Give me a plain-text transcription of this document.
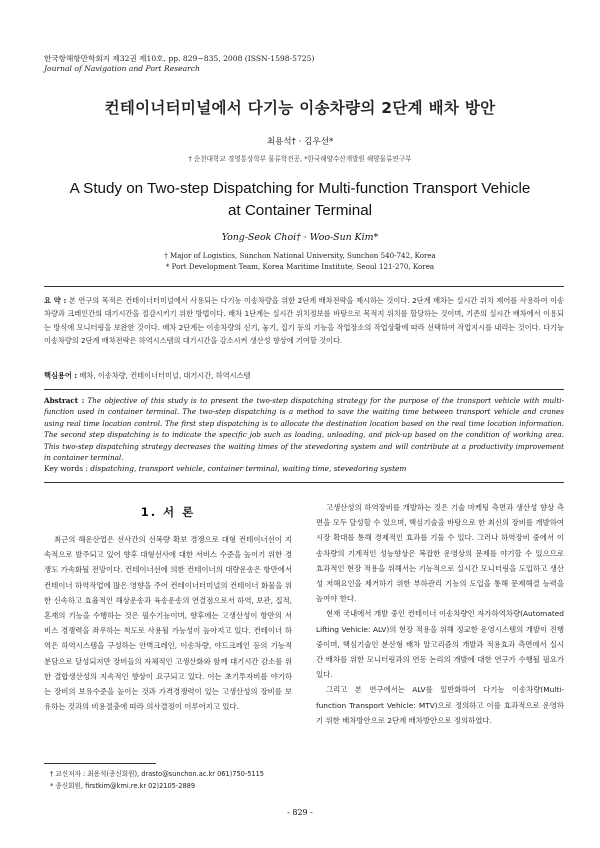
한국항해항만학회지 제32권 제10호, pp. 829~835, 2008 (ISSN-1598-5725)
Journal of Navigation and Port Research
컨테이너터미널에서 다기능 이송차량의 2단계 배차 방안
최용석† · 김우선*
† 순천대학교 경영통상학부 물류학전공, *한국해양수산개발원 해양물류연구부
A Study on Two-step Dispatching for Multi-function Transport Vehicle
at Container Terminal
Yong-Seok Choi† · Woo-Sun Kim*
† Major of Logistics, Sunchon National University, Sunchon 540-742, Korea
* Port Development Team, Korea Maritime Institute, Seoul 121-270, Korea
요 약 : 본 연구의 목적은 컨테이너터미널에서 사용되는 다기능 이송차량을 위한 2단계 배차전략을 제시하는 것이다. 2단계 배차는 실시간 위치 제어를 사용하여 이송차량과 크레인간의 대기시간을 절감시키기 위한 방법이다. 배차 1단계는 실시간 위치정보를 바탕으로 목적지 위치를 할당하는 것이며, 기존의 실시간 배차에서 이용되는 방식에 모니터링을 보완한 것이다. 배차 2단계는 이송차량의 신기, 놓기, 집기 등의 기능을 작업장소의 작업상황에 따라 선택하여 작업지시를 내리는 것이다. 다기능 이송차량의 2단계 배차전략은 하역시스템의 대기시간을 감소시켜 생산성 향상에 기여할 것이다.
핵심용어 : 배차, 이송차량, 컨테이너터미널, 대기시간, 하역시스템
Abstract : The objective of this study is to present the two-step dispatching strategy for the purpose of the transport vehicle with multi-function used in container terminal. The two-step dispatching is a method to save the waiting time between transport vehicle and cranes using real time location control. The first step dispatching is to allocate the destination location based on the real time location information. The second step dispatching is to indicate the specific job such as loading, unloading, and pick-up based on the condition of working area. This two-step dispatching strategy decreases the waiting times of the stevedoring system and will contribute at a productivity improvement in container terminal.
Key words : dispatching, transport vehicle, container terminal, waiting time, stevedoring system
1. 서 론

최근의 해운산업은 선사간의 선복량 확보 경쟁으로 대형 컨테이너선이 지속적으로 발주되고 있어 향후 대형선사에 대한 서비스 수준을 높이기 위한 경쟁도 가속화될 전망이다. 컨테이너선에 의한 컨테이너의 대량운송은 항만에서 컨테이너 하역작업에 많은 영향을 주어 컨테이너터미널의 컨테이너 화물을 위한 신속하고 효율적인 해상운송과 육송운송의 연결점으로서 하역, 보관, 집적, 혼재의 기능을 수행하는 것은 필수기능이며, 향후에는 고생산성이 항만의 서비스 경쟁력을 좌우하는 척도로 사용될 가능성이 높아지고 있다. 컨테이너 하역은 하역시스템을 구성하는 안벽크레인, 이송차량, 야드크레인 등의 기능적 분담으로 달성되지만 장비들의 자체적인 고생산화와 함께 대기시간 감소를 위한 결합생산성의 지속적인 향상이 요구되고 있다. 이는 초기투자비를 야기하는 장비의 보유수준을 높이는 것과 가격경쟁력이 있는 고생산성의 장비를 보유하는 것과의 비용절충에 따라 의사결정이 이루어지고 있다.

고생산성의 하역장비를 개발하는 것은 기술 마케팅 측면과 생산성 향상 측면을 모두 달성할 수 있으며, 핵심기술을 바탕으로 한 최신의 장비를 개발하여 시장 확대를 통해 경제적인 효과를 기둘 수 있다. 그러나 하역장비 중에서 이송차량의 기계적인 성능향상은 복잡한 운영상의 문제를 야기할 수 있으므로 효과적인 현장 적용을 위해서는 기능적으로 실시간 모니터링을 도입하고 생산성 저해요인을 제거하기 위한 부하관리 기능의 도입을 통해 문제해결 능력을 높여야 한다.

현재 국내에서 개발 중인 컨테이너 이송차량인 자가하역차량(Automated Lifting Vehicle: ALV)의 현장 적용을 위해 정교한 운영시스템의 개발이 진행 중이며, 핵심기술인 분산형 배차 알고리즘의 개발과 적용효과 측면에서 실시간 배차를 위한 모니터링과의 연동 논리의 개발에 대한 연구가 수행될 필요가 있다.

그리고 본 연구에서는 ALV를 일반화하여 다기능 이송차량(Multi-function Transport Vehicle: MTV)으로 정의하고 이를 효과적으로 운영하기 위한 배차방안으로 2단계 배차방안으로 정의하였다.

† 교신저자 : 최용석(종신회원), drasto@sunchon.ac.kr 061)750-5115
* 종신회원, firstkim@kmi.re.kr 02)2105-2889
- 829 -
